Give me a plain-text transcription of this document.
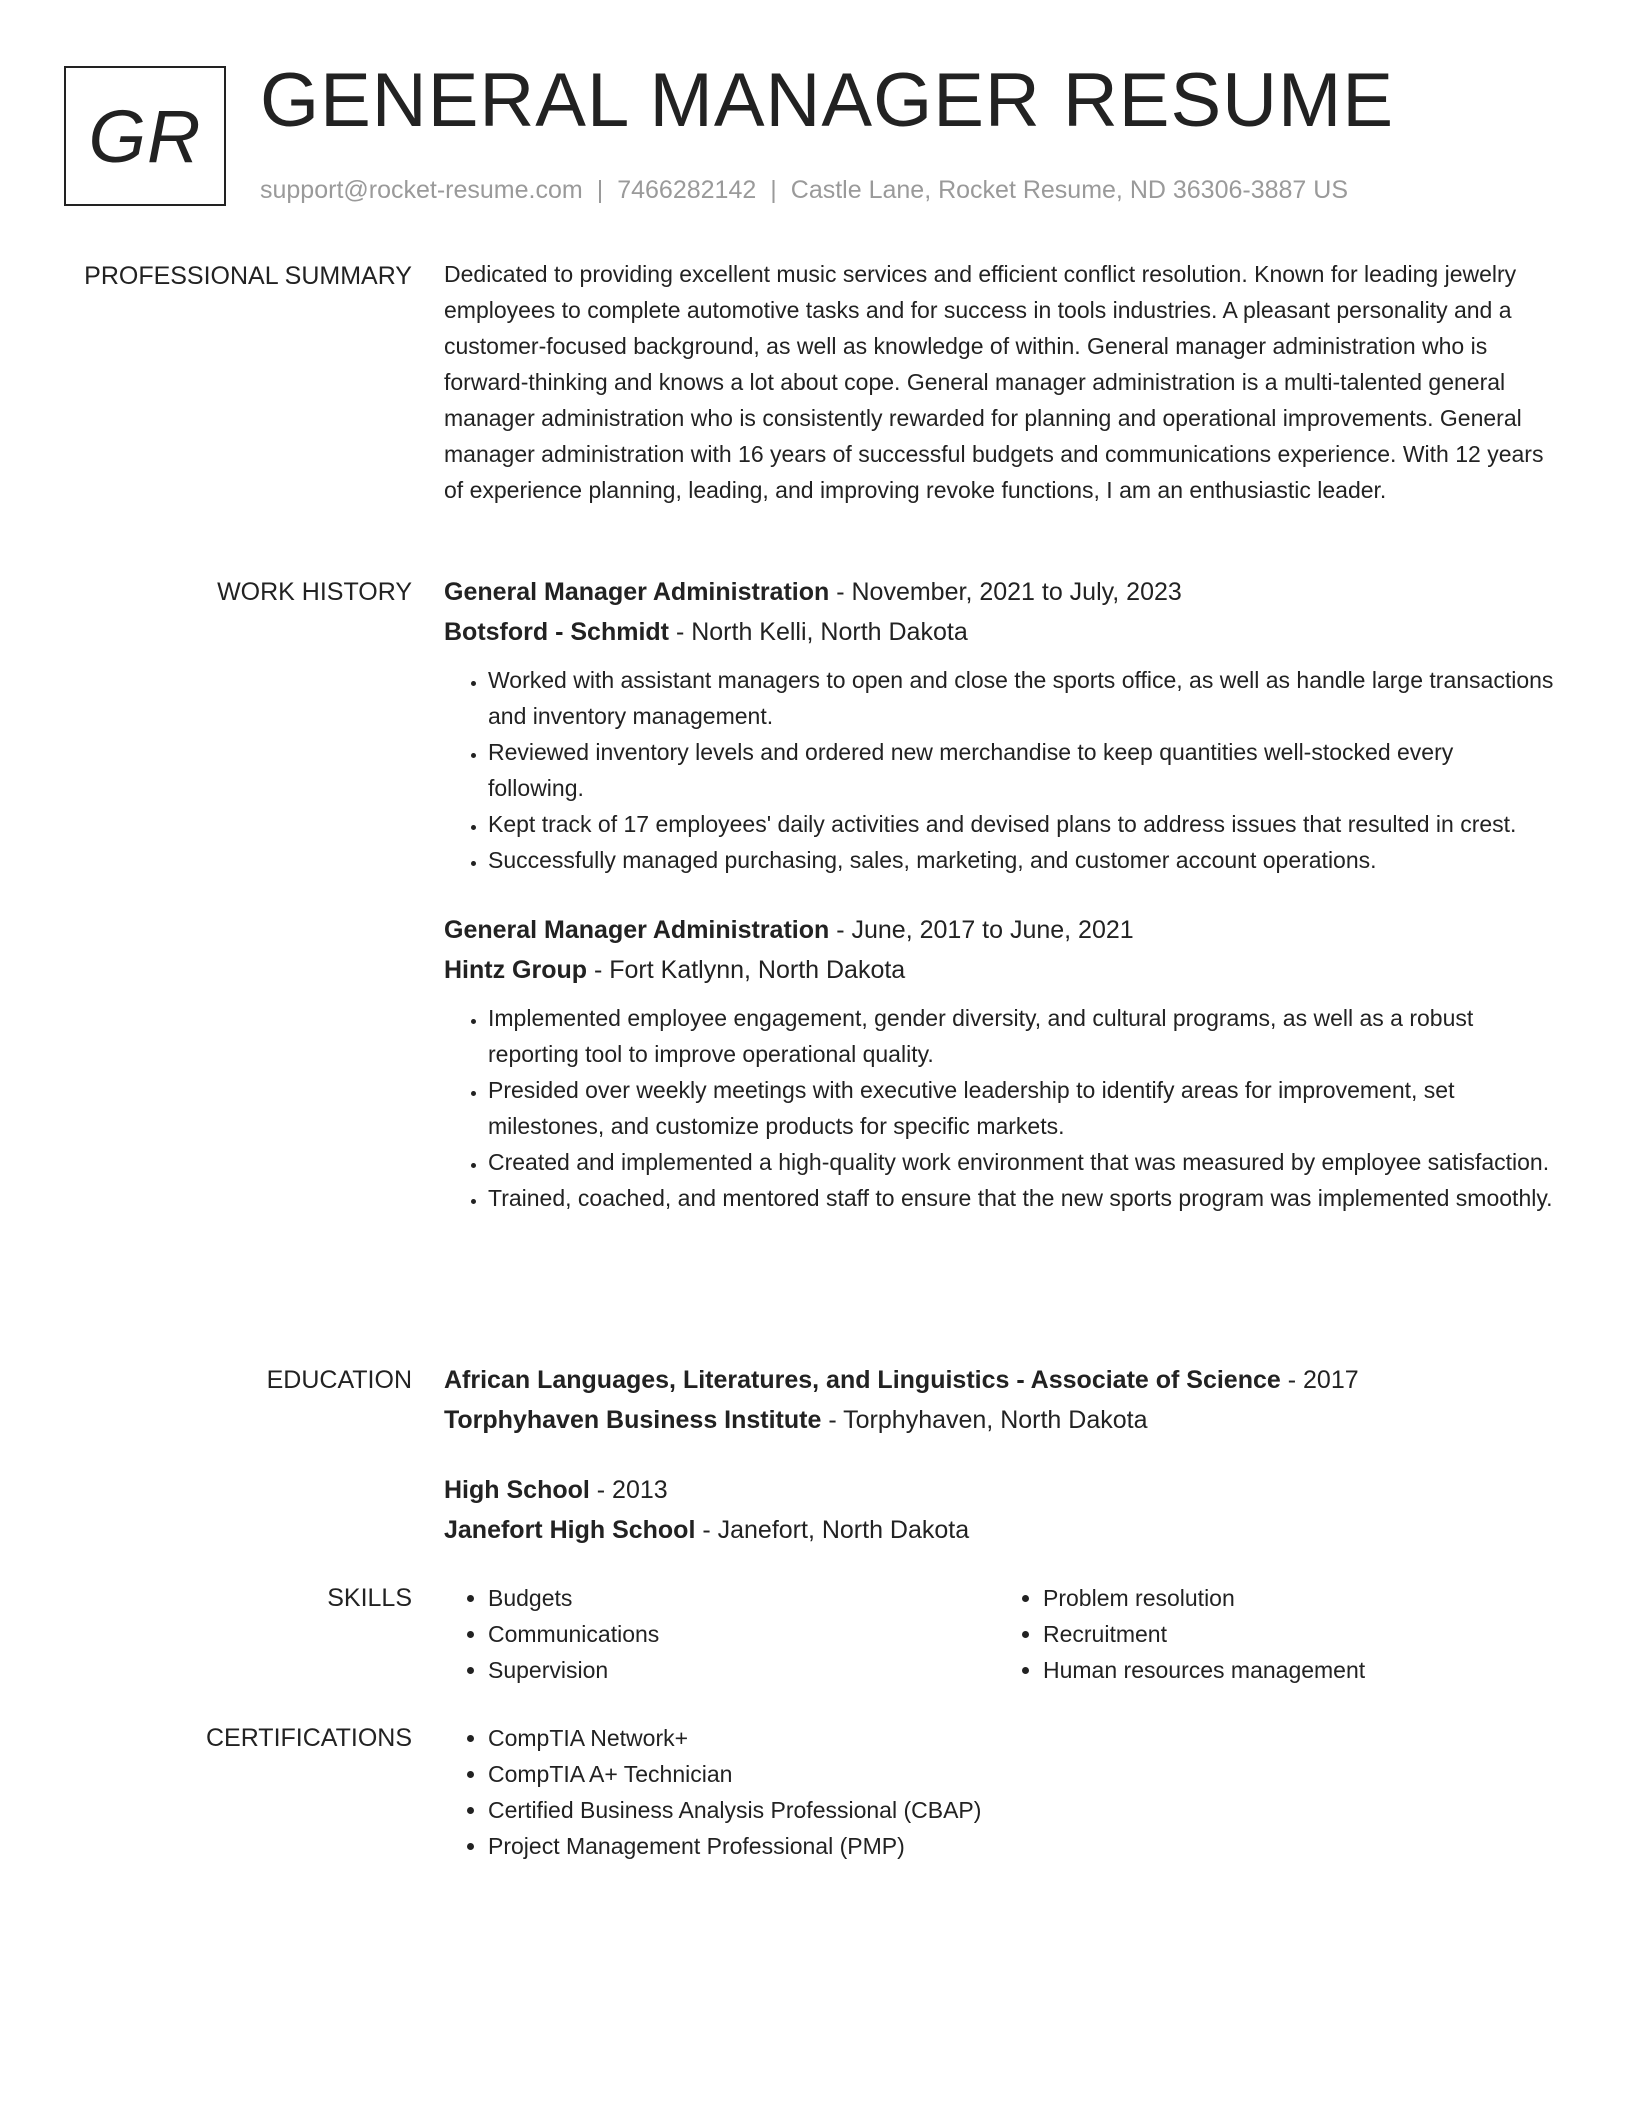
GR GENERAL MANAGER RESUME
support@rocket-resume.com | 7466282142 | Castle Lane, Rocket Resume, ND 36306-3887 US
PROFESSIONAL SUMMARY Dedicated to providing excellent music services and efficient conflict resolution. Known for leading jewelry employees to complete automotive tasks and for success in tools industries. A pleasant personality and a customer-focused background, as well as knowledge of within. General manager administration who is forward-thinking and knows a lot about cope. General manager administration is a multi-talented general manager administration who is consistently rewarded for planning and operational improvements. General manager administration with 16 years of successful budgets and communications experience. With 12 years of experience planning, leading, and improving revoke functions, I am an enthusiastic leader.

WORK HISTORY General Manager Administration - November, 2021 to July, 2023
Botsford - Schmidt - North Kelli, North Dakota
• Worked with assistant managers to open and close the sports office, as well as handle large transactions and inventory management.
• Reviewed inventory levels and ordered new merchandise to keep quantities well-stocked every following.
• Kept track of 17 employees' daily activities and devised plans to address issues that resulted in crest.
• Successfully managed purchasing, sales, marketing, and customer account operations.
General Manager Administration - June, 2017 to June, 2021
Hintz Group - Fort Katlynn, North Dakota
• Implemented employee engagement, gender diversity, and cultural programs, as well as a robust reporting tool to improve operational quality.
• Presided over weekly meetings with executive leadership to identify areas for improvement, set milestones, and customize products for specific markets.
• Created and implemented a high-quality work environment that was measured by employee satisfaction.
• Trained, coached, and mentored staff to ensure that the new sports program was implemented smoothly.
EDUCATION African Languages, Literatures, and Linguistics - Associate of Science - 2017
Torphyhaven Business Institute - Torphyhaven, North Dakota
High School - 2013
Janefort High School - Janefort, North Dakota
SKILLS	• Budgets
• Communications
• Supervision
• Problem resolution
• Recruitment
• Human resources management
CERTIFICATIONS	• CompTIA Network+
• CompTIA A+ Technician
• Certified Business Analysis Professional (CBAP)
• Project Management Professional (PMP)
